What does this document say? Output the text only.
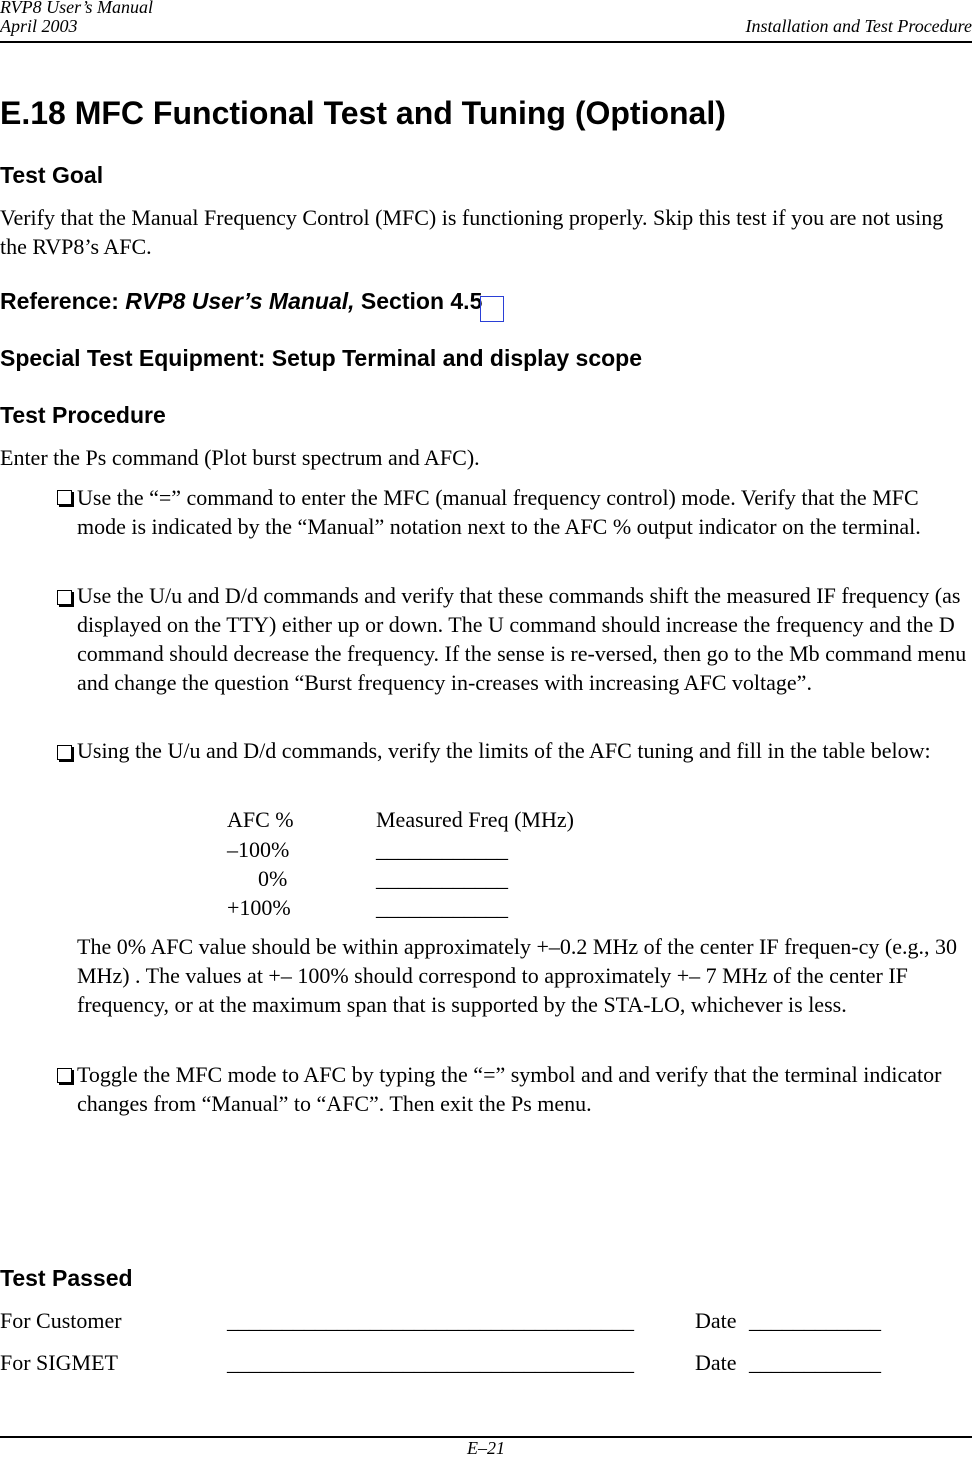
RVP8 User’s Manual
April 2003	Installation and Test Procedure
E.18 MFC Functional Test and Tuning (Optional)
Test Goal
Verify that the Manual Frequency Control (MFC) is functioning properly. Skip this test if you are not using the RVP8’s AFC.
Reference: RVP8 User’s Manual, Section 4.5
Special Test Equipment: Setup Terminal and display scope
Test Procedure
Enter the Ps command (Plot burst spectrum and AFC).
Use the “=” command to enter the MFC (manual frequency control) mode. Verify that the MFC mode is indicated by the “Manual” notation next to the AFC % output indicator on the terminal.
Use the U/u and D/d commands and verify that these commands shift the measured IF frequency (as displayed on the TTY) either up or down. The U command should increase the frequency and the D command should decrease the frequency. If the sense is re-versed, then go to the Mb command menu and change the question “Burst frequency in-creases with increasing AFC voltage”.
Using the U/u and D/d commands, verify the limits of the AFC tuning and fill in the table below:
AFC %	Measured Freq (MHz)
–100%	____________
0%	____________
+100%	____________
The 0% AFC value should be within approximately +–0.2 MHz of the center IF frequen-cy (e.g., 30 MHz) . The values at +– 100% should correspond to approximately +– 7 MHz of the center IF frequency, or at the maximum span that is supported by the STA-LO, whichever is less.
Toggle the MFC mode to AFC by typing the “=” symbol and and verify that the terminal indicator changes from “Manual” to “AFC”. Then exit the Ps menu.
Test Passed
For Customer	_____________________________________	Date ____________
For SIGMET	_____________________________________	Date ____________
E–21
